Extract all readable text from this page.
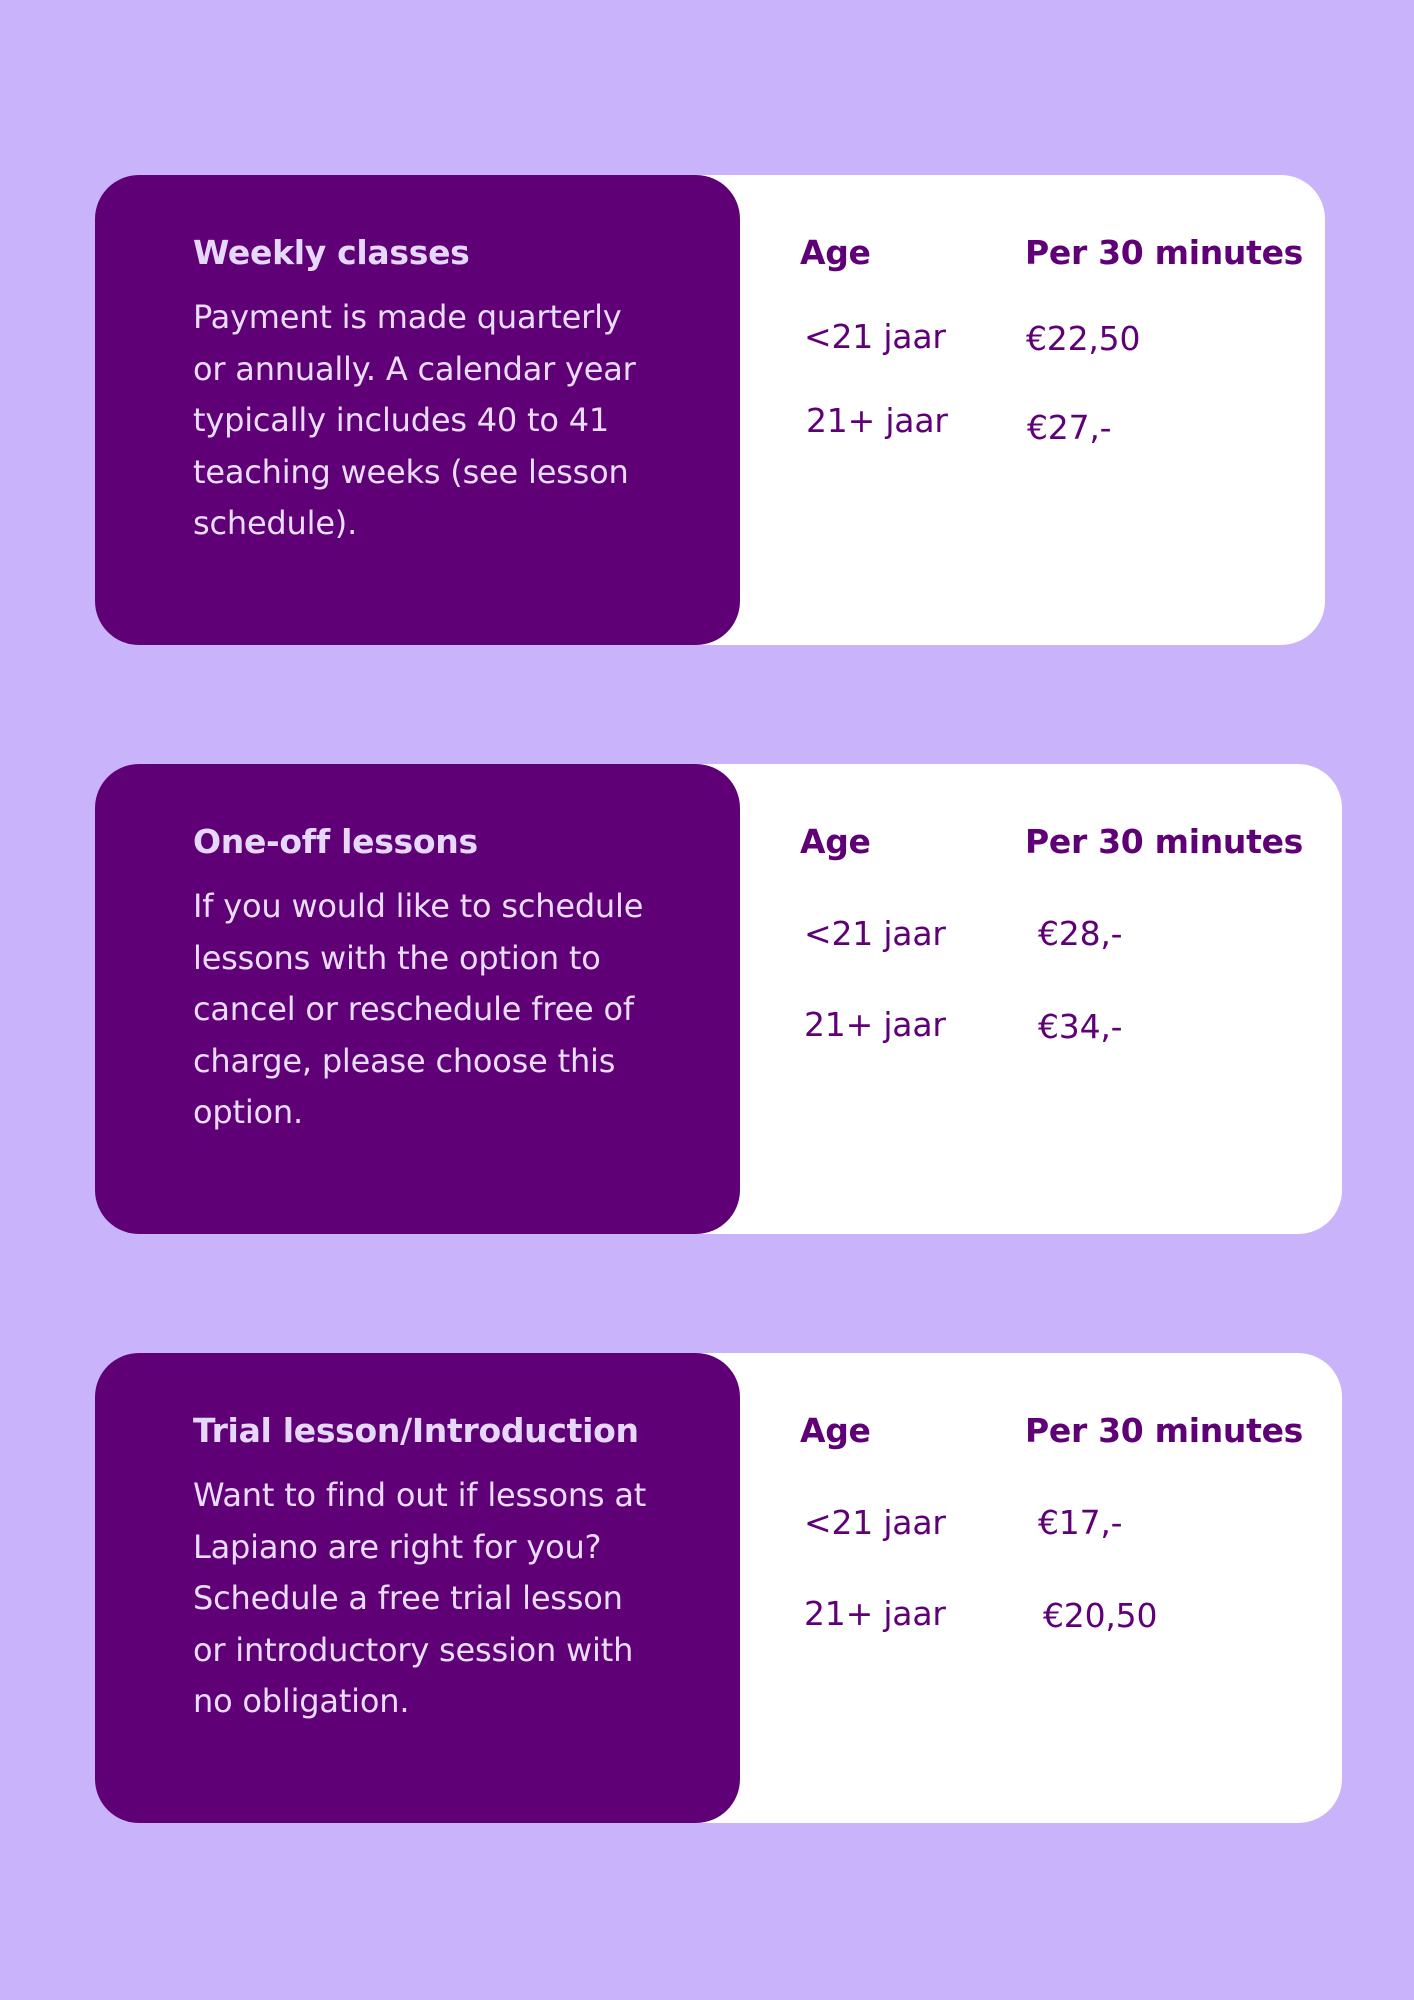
Weekly classes

Payment is made quarterly or annually. A calendar year typically includes 40 to 41 teaching weeks (see lesson schedule).

Age	Per 30 minutes
<21 jaar €22,50
21+ jaar €27,-
One-off lessons

If you would like to schedule lessons with the option to cancel or reschedule free of charge, please choose this option.

Age	Per 30 minutes
<21 jaar	€28,-
21+ jaar	€34,-
Trial lesson/Introduction

Want to find out if lessons at Lapiano are right for you? Schedule a free trial lesson or introductory session with no obligation.

Age	Per 30 minutes
<21 jaar	€17,-
21+ jaar	€20,50
